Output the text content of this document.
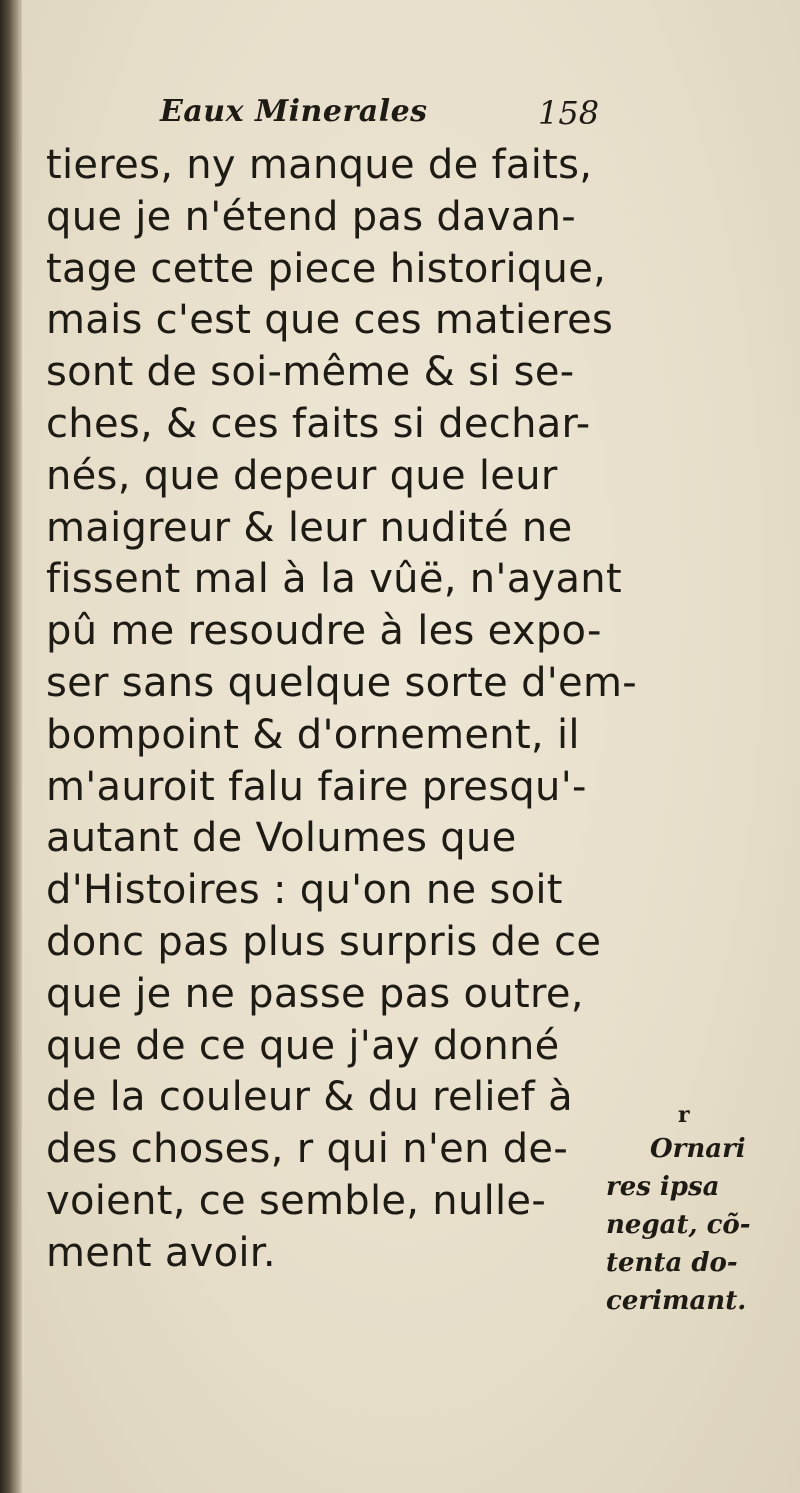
Eaux Minerales	158
tieres, ny manque de faits,
que je n'étend pas davan-
tage cette piece historique,
mais c'est que ces matieres
sont de soi-même & si se-
ches, & ces faits si dechar-
nés, que depeur que leur
maigreur & leur nudité ne
fissent mal à la vûë, n'ayant
pû me resoudre à les expo-
ser sans quelque sorte d'em-
bompoint & d'ornement, il
m'auroit falu faire presqu'-
autant de Volumes que
d'Histoires : qu'on ne soit
donc pas plus surpris de ce
que je ne passe pas outre,
que de ce que j'ay donné
de la couleur & du relief à
des choses, r qui n'en de-
voient, ce semble, nulle-
ment avoir.
r
Ornari
res ipsa
negat, cõ-
tenta do-
cerimant.
